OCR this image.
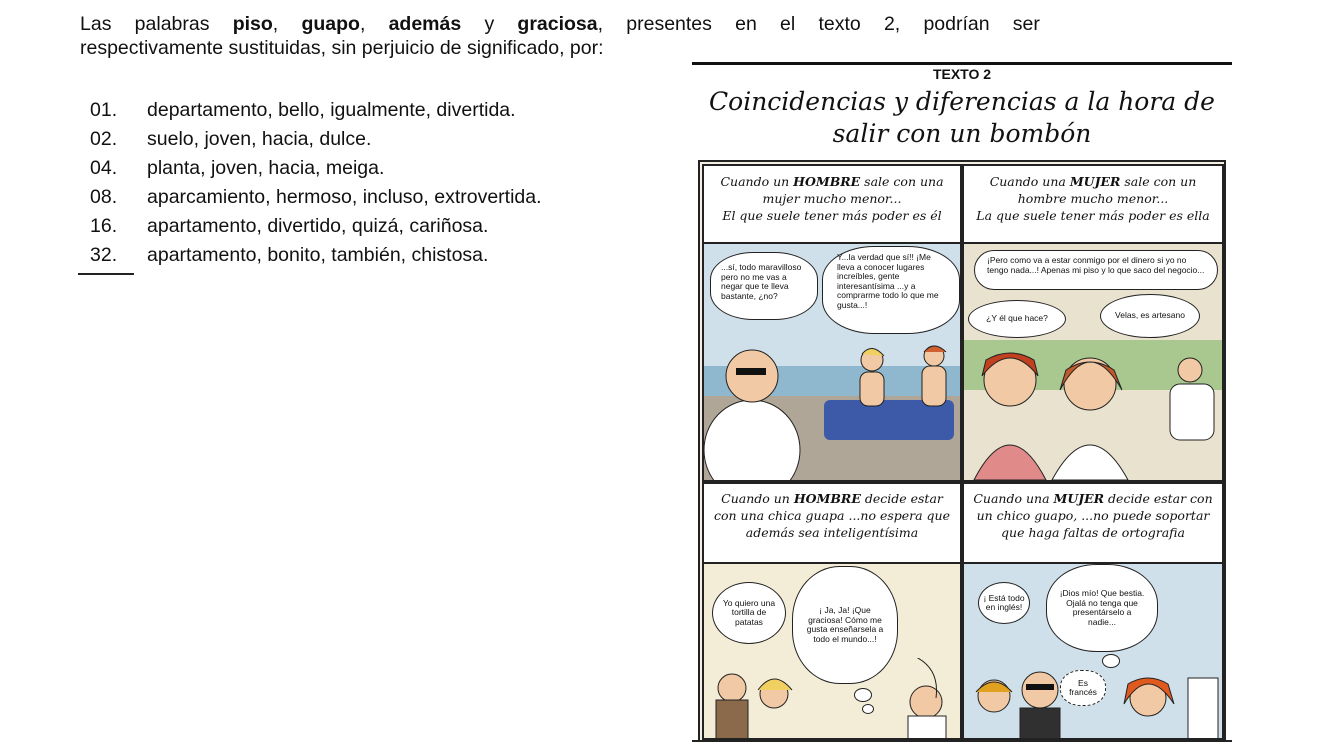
Las palabras piso, guapo, además y graciosa, presentes en el texto 2, podrían ser
respectivamente sustituidas, sin perjuicio de significado, por:
01.	departamento, bello, igualmente, divertida.
02.	suelo, joven, hacia, dulce.
04.	planta, joven, hacia, meiga.
08.	aparcamiento, hermoso, incluso, extrovertida.
16.	apartamento, divertido, quizá, cariñosa.
32.	apartamento, bonito, también, chistosa.
TEXTO 2
Coincidencias y diferencias a la hora de
salir con un bombón
Cuando un HOMBRE sale con una mujer mucho menor...
El que suele tener más poder es él
...sí, todo maravilloso pero no me vas a negar que te lleva bastante, ¿no?
Y...la verdad que sí!! ¡Me lleva a conocer lugares increíbles, gente interesantísima ...y a comprarme todo lo que me gusta...!
Cuando una MUJER sale con un hombre mucho menor...
La que suele tener más poder es ella
¡Pero como va a estar conmigo por el dinero si yo no tengo nada...! Apenas mi piso y lo que saco del negocio...
¿Y él que hace?	Velas, es artesano
Cuando un HOMBRE decide estar con una chica guapa ...no espera que además sea inteligentísima
Yo quiero una tortilla de patatas
¡ Ja, Ja! ¡Que graciosa! Cómo me gusta enseñarsela a todo el mundo...!
Cuando una MUJER decide estar con un chico guapo, ...no puede soportar que haga faltas de ortografia
¡ Está todo en inglés!
¡Dios mío! Que bestia. Ojalá no tenga que presentárselo a nadie...
Es francés
